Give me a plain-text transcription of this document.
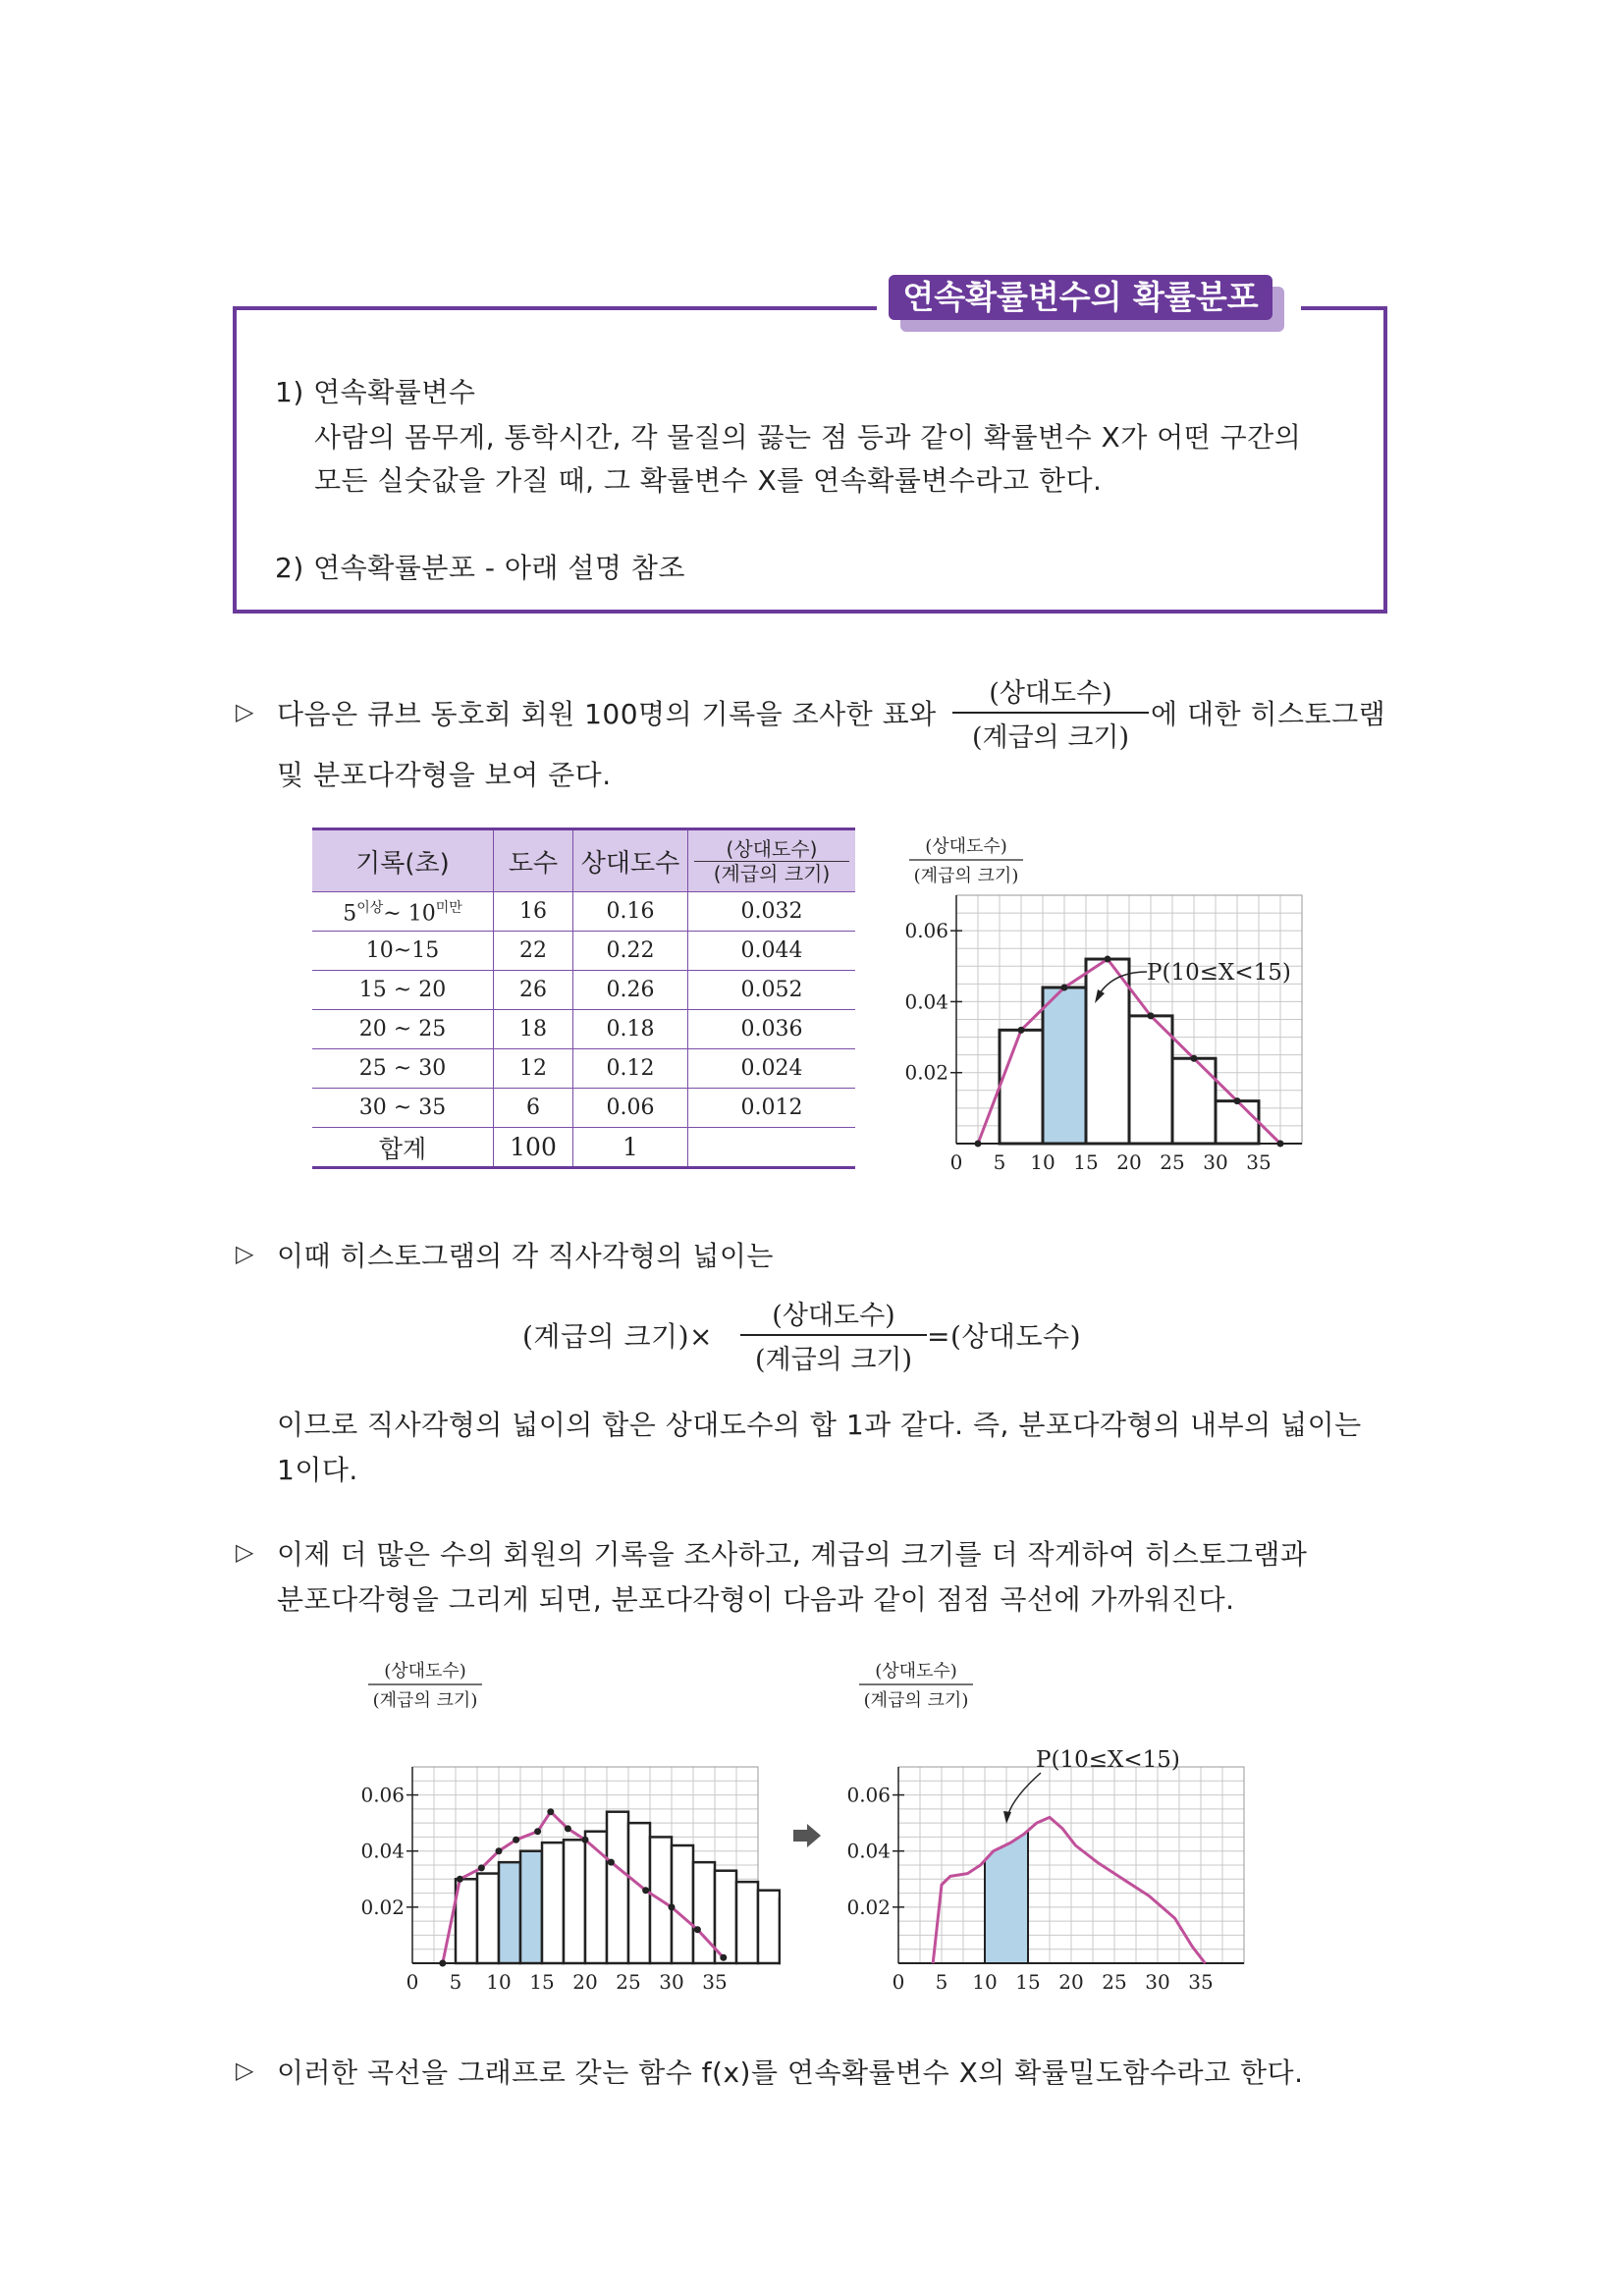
연속확률변수의 확률분포
1) 연속확률변수
사람의 몸무게, 통학시간, 각 물질의 끓는 점 등과 같이 확률변수 X가 어떤 구간의
모든 실숫값을 가질 때, 그 확률변수 X를 연속확률변수라고 한다.
2) 연속확률분포 - 아래 설명 참조
▷ 다음은 큐브 동호회 회원 100명의 기록을 조사한 표와
(상대도수)
(계급의 크기)
에 대한 히스토그램
및 분포다각형을 보여 준다.
기록(초)	도수	상대도수	(상대도수)
(계급의 크기)

$5^{이상}\sim$ $10^{미만}$	16	0.16	0.032
10~15	22	0.22	0.044
15 ~ 20	26	0.26	0.052
20 ~ 25	18	0.18	0.036
25 ~ 30	12	0.12	0.024
30 ~ 35	6	0.06	0.012
합계	100	1	
(상대도수)
(계급의 크기)
0.02
0.04
0.06
0 5 10 15 20 25 30 35
P(10≤X<15)
▷ 이때 히스토그램의 각 직사각형의 넓이는
(계급의 크기)×
(상대도수)
(계급의 크기)
=(상대도수)
이므로 직사각형의 넓이의 합은 상대도수의 합 1과 같다. 즉, 분포다각형의 내부의 넓이는
1이다.
▷ 이제 더 많은 수의 회원의 기록을 조사하고, 계급의 크기를 더 작게하여 히스토그램과
분포다각형을 그리게 되면, 분포다각형이 다음과 같이 점점 곡선에 가까워진다.
(상대도수)
(계급의 크기)
0.02
0.04
0.06
0 5 10 15 20 25 30 35
(상대도수)
(계급의 크기)
0.02
0.04
0.06
0 5 10 15 20 25 30 35
P(10≤X<15)
▷ 이러한 곡선을 그래프로 갖는 함수 f(x)를 연속확률변수 X의 확률밀도함수라고 한다.
